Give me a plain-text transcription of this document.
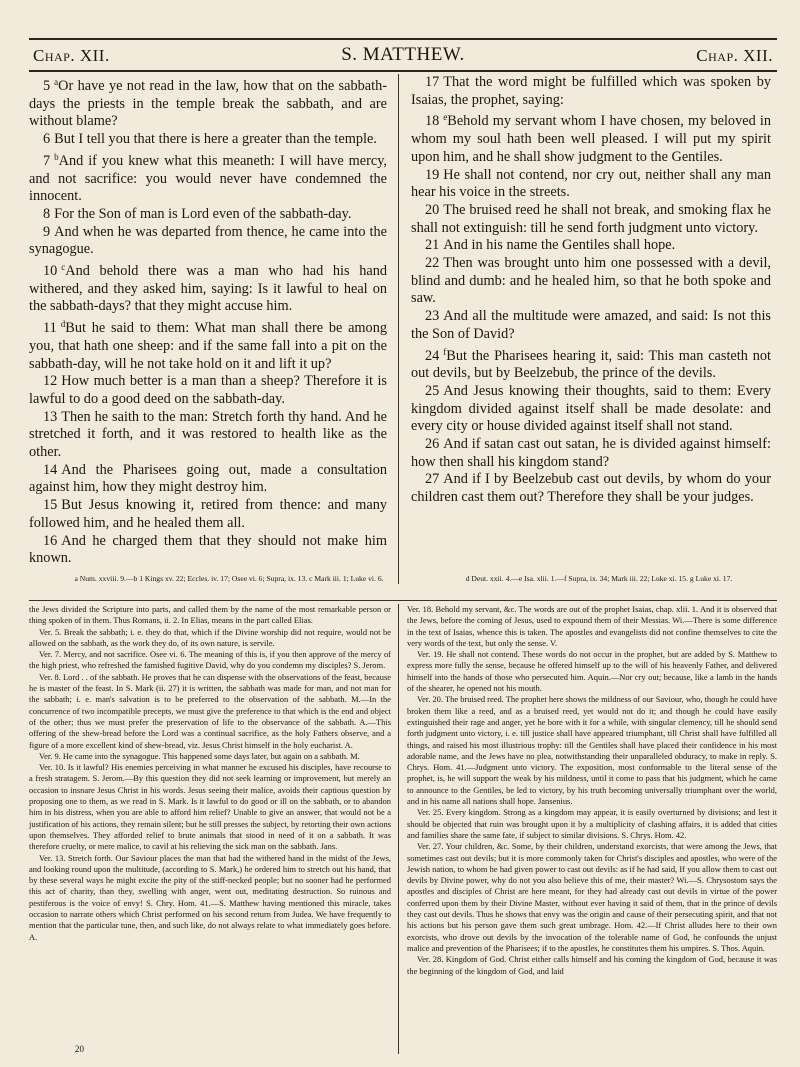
Chap. XII.	S. MATTHEW.	Chap. XII.

5 $^a$Or have ye not read in the law, how that on the sabbath-days the priests in the temple break the sabbath, and are without blame?

6 But I tell you that there is here a greater than the temple.

7 $^b$And if you knew what this meaneth: I will have mercy, and not sacrifice: you would never have condemned the innocent.

8 For the Son of man is Lord even of the sabbath-day.

9 And when he was departed from thence, he came into the synagogue.

10 $^c$And behold there was a man who had his hand withered, and they asked him, saying: Is it lawful to heal on the sabbath-days? that they might accuse him.

11 $^d$But he said to them: What man shall there be among you, that hath one sheep: and if the same fall into a pit on the sabbath-day, will he not take hold on it and lift it up?

12 How much better is a man than a sheep? Therefore it is lawful to do a good deed on the sabbath-day.

13 Then he saith to the man: Stretch forth thy hand. And he stretched it forth, and it was restored to health like as the other.

14 And the Pharisees going out, made a consultation against him, how they might destroy him.

15 But Jesus knowing it, retired from thence: and many followed him, and he healed them all.

16 And he charged them that they should not make him known.

17 That the word might be fulfilled which was spoken by Isaias, the prophet, saying:

18 $^e$Behold my servant whom I have chosen, my beloved in whom my soul hath been well pleased. I will put my spirit upon him, and he shall show judgment to the Gentiles.

19 He shall not contend, nor cry out, neither shall any man hear his voice in the streets.

20 The bruised reed he shall not break, and smoking flax he shall not extinguish: till he send forth judgment unto victory.

21 And in his name the Gentiles shall hope.

22 Then was brought unto him one possessed with a devil, blind and dumb: and he healed him, so that he both spoke and saw.

23 And all the multitude were amazed, and said: Is not this the Son of David?

24 $^f$But the Pharisees hearing it, said: This man casteth not out devils, but by Beelzebub, the prince of the devils.

25 And Jesus knowing their thoughts, said to them: Every kingdom divided against itself shall be made desolate: and every city or house divided against itself shall not stand.

26 And if satan cast out satan, he is divided against himself: how then shall his kingdom stand?

27 And if I by Beelzebub cast out devils, by whom do your children cast them out? Therefore they shall be your judges.

a Num. xxviii. 9.—b 1 Kings xv. 22; Eccles. iv. 17; Osee vi. 6; Supra, ix. 13. c Mark iii. 1; Luke vi. 6.	d Deut. xxii. 4.—e Isa. xlii. 1.—f Supra, ix. 34; Mark iii. 22; Luke xi. 15. g Luke xi. 17.

the Jews divided the Scripture into parts, and called them by the name of the most remarkable person or thing spoken of in them. Thus Romans, ii. 2. In Elias, means in the part called Elias.

Ver. 5. Break the sabbath; i. e. they do that, which if the Divine worship did not require, would not be allowed on the sabbath, as the work they do, of its own nature, is servile.

Ver. 7. Mercy, and not sacrifice. Osee vi. 6. The meaning of this is, if you then approve of the mercy of the high priest, who refreshed the famished fugitive David, why do you condemn my disciples? S. Jerom.

Ver. 8. Lord . . of the sabbath. He proves that he can dispense with the observations of the feast, because he is master of the feast. In S. Mark (ii. 27) it is written, the sabbath was made for man, and not man for the sabbath; i. e. man's salvation is to be preferred to the observation of the sabbath. M.—In the concurrence of two incompatible precepts, we must give the preference to that which is the end and object of the other; thus we must prefer the preservation of life to the observance of the sabbath. A.—This offering of the shew-bread before the Lord was a continual sacrifice, as the holy Fathers observe, and a figure of a more excellent kind of shew-bread, viz. Jesus Christ himself in the holy eucharist. A.

Ver. 9. He came into the synagogue. This happened some days later, but again on a sabbath. M.

Ver. 10. Is it lawful? His enemies perceiving in what manner he excused his disciples, have recourse to a fresh stratagem. S. Jerom.—By this question they did not seek learning or improvement, but merely an occasion to insnare Jesus Christ in his words. Jesus seeing their malice, avoids their captious question by proposing one to them, as we read in S. Mark. Is it lawful to do good or ill on the sabbath, or to abandon him in his distress, when you are able to afford him relief? Unable to give an answer, that would not be a justification of his actions, they remain silent; but he still presses the subject, by retorting their own actions upon themselves. They afforded relief to brute animals that stood in need of it on a sabbath. It was therefore cruelty, or mere malice, to cavil at his relieving the sick man on the sabbath. Jans.

Ver. 13. Stretch forth. Our Saviour places the man that had the withered hand in the midst of the Jews, and looking round upon the multitude, (according to S. Mark,) he ordered him to stretch out his hand, that by these several ways he might excite the pity of the stiff-necked people; but no sooner had he performed this act of charity, than they, swelling with anger, went out, meditating destruction. So ruinous and pestiferous is the voice of envy! S. Chry. Hom. 41.—S. Matthew having mentioned this miracle, takes occasion to narrate others which Christ performed on his second return from Judea. We have frequently to mention that the particular tune, then, and such like, do not always relate to what immediately goes before. A.

Ver. 18. Behold my servant, &c. The words are out of the prophet Isaias, chap. xlii. 1. And it is observed that the Jews, before the coming of Jesus, used to expound them of their Messias. Wi.—There is some difference in the text of Isaias, whence this is taken. The apostles and evangelists did not confine themselves to cite the very words of the text, but only the sense. V.

Ver. 19. He shall not contend. These words do not occur in the prophet, but are added by S. Matthew to express more fully the sense, because he offered himself up to the will of his heavenly Father, and delivered himself into the hands of those who persecuted him. Aquin.—Nor cry out; because, like a lamb in the hands of the shearer, he opened not his mouth.

Ver. 20. The bruised reed. The prophet here shows the mildness of our Saviour, who, though he could have broken them like a reed, and as a bruised reed, yet would not do it; and though he could have easily extinguished their rage and anger, yet he bore with it for a while, with singular clemency, till he should send forth judgment unto victory, i. e. till justice shall have appeared triumphant, till Christ shall have fulfilled all things, and raised his most illustrious trophy: till the Gentiles shall have placed their confidence in his most adorable name, and the Jews have no plea, notwithstanding their unparalleled obduracy, to make in reply. S. Chrys. Hom. 41.—Judgment unto victory. The exposition, most conformable to the literal sense of the prophet, is, he will support the weak by his mildness, until it come to pass that his judgment, which he came to announce to the Gentiles, be led to victory, by his truth becoming universally triumphant over the world, and in his name all nations shall hope. Jansenius.

Ver. 25. Every kingdom. Strong as a kingdom may appear, it is easily overturned by divisions; and lest it should be objected that ruin was brought upon it by a multiplicity of clashing affairs, it is added that cities and families share the same fate, if subject to similar divisions. S. Chrys. Hom. 42.

Ver. 27. Your children, &c. Some, by their children, understand exorcists, that were among the Jews, that sometimes cast out devils; but it is more commonly taken for Christ's disciples and apostles, who were of the Jewish nation, to whom he had given power to cast out devils: as if he had said, If you allow them to cast out devils by Divine power, why do not you also believe this of me, their master? Wi.—S. Chrysostom says the apostles and disciples of Christ are here meant, for they had already cast out devils in virtue of the power conferred upon them by their Divine Master, without ever having it said of them, that in the prince of devils they cast out devils. Thus he shows that envy was the origin and cause of their persecuting spirit, and that not his actions but his person gave them such great umbrage. Hom. 42.—If Christ alludes here to their own exorcists, who drove out devils by the invocation of the tolerable name of God, he confounds the unjust malice and prevention of the Pharisees; if to the apostles, he constitutes them his umpires. S. Thos. Aquin.

Ver. 28. Kingdom of God. Christ either calls himself and his coming the kingdom of God, because it was the beginning of the kingdom of God, and laid

20
